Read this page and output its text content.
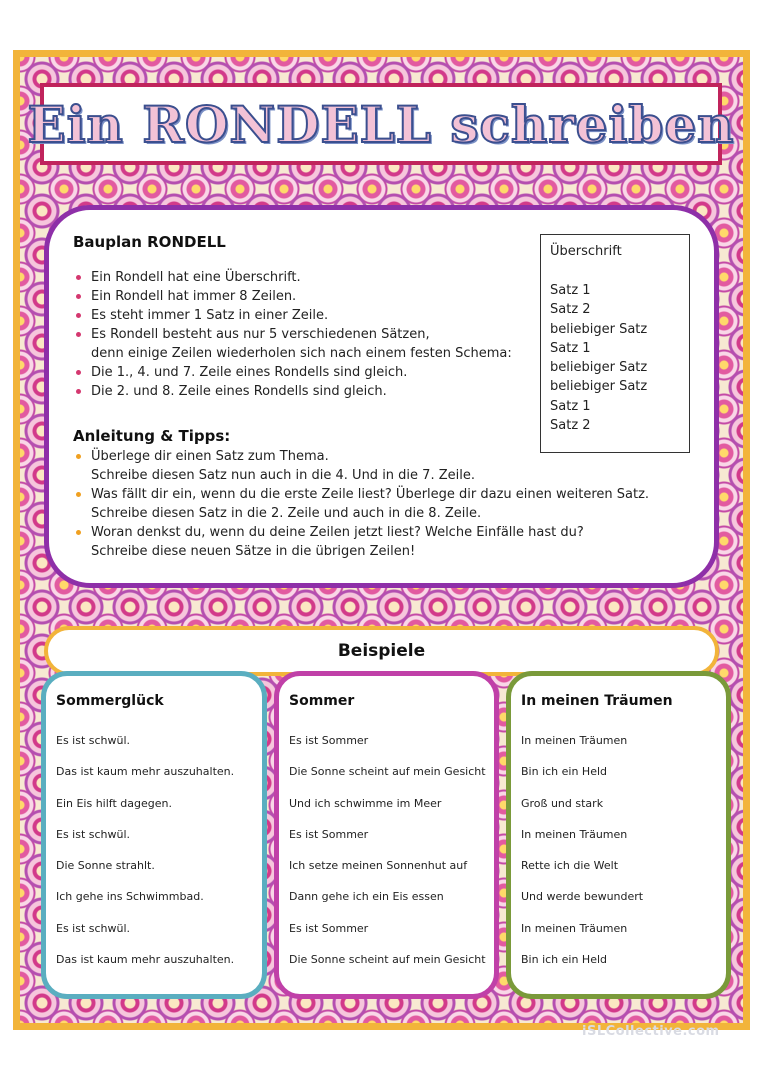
Ein RONDELL schreiben
Bauplan RONDELL
Ein Rondell hat eine Überschrift.
Ein Rondell hat immer 8 Zeilen.
Es steht immer 1 Satz in einer Zeile.
Es Rondell besteht aus nur 5 verschiedenen Sätzen,
denn einige Zeilen wiederholen sich nach einem festen Schema:
Die 1., 4. und 7. Zeile eines Rondells sind gleich.
Die 2. und 8. Zeile eines Rondells sind gleich.
Überschrift
Satz 1
Satz 2
beliebiger Satz
Satz 1
beliebiger Satz
beliebiger Satz
Satz 1
Satz 2
Anleitung & Tipps:
Überlege dir einen Satz zum Thema.
Schreibe diesen Satz nun auch in die 4. Und in die 7. Zeile.
Was fällt dir ein, wenn du die erste Zeile liest? Überlege dir dazu einen weiteren Satz.
Schreibe diesen Satz in die 2. Zeile und auch in die 8. Zeile.
Woran denkst du, wenn du deine Zeilen jetzt liest? Welche Einfälle hast du?
Schreibe diese neuen Sätze in die übrigen Zeilen!
Beispiele
Sommerglück
Es ist schwül.
Das ist kaum mehr auszuhalten.
Ein Eis hilft dagegen.
Es ist schwül.
Die Sonne strahlt.
Ich gehe ins Schwimmbad.
Es ist schwül.
Das ist kaum mehr auszuhalten.
Sommer
Es ist Sommer
Die Sonne scheint auf mein Gesicht
Und ich schwimme im Meer
Es ist Sommer
Ich setze meinen Sonnenhut auf
Dann gehe ich ein Eis essen
Es ist Sommer
Die Sonne scheint auf mein Gesicht
In meinen Träumen
In meinen Träumen
Bin ich ein Held
Groß und stark
In meinen Träumen
Rette ich die Welt
Und werde bewundert
In meinen Träumen
Bin ich ein Held
iSLCollective.com
